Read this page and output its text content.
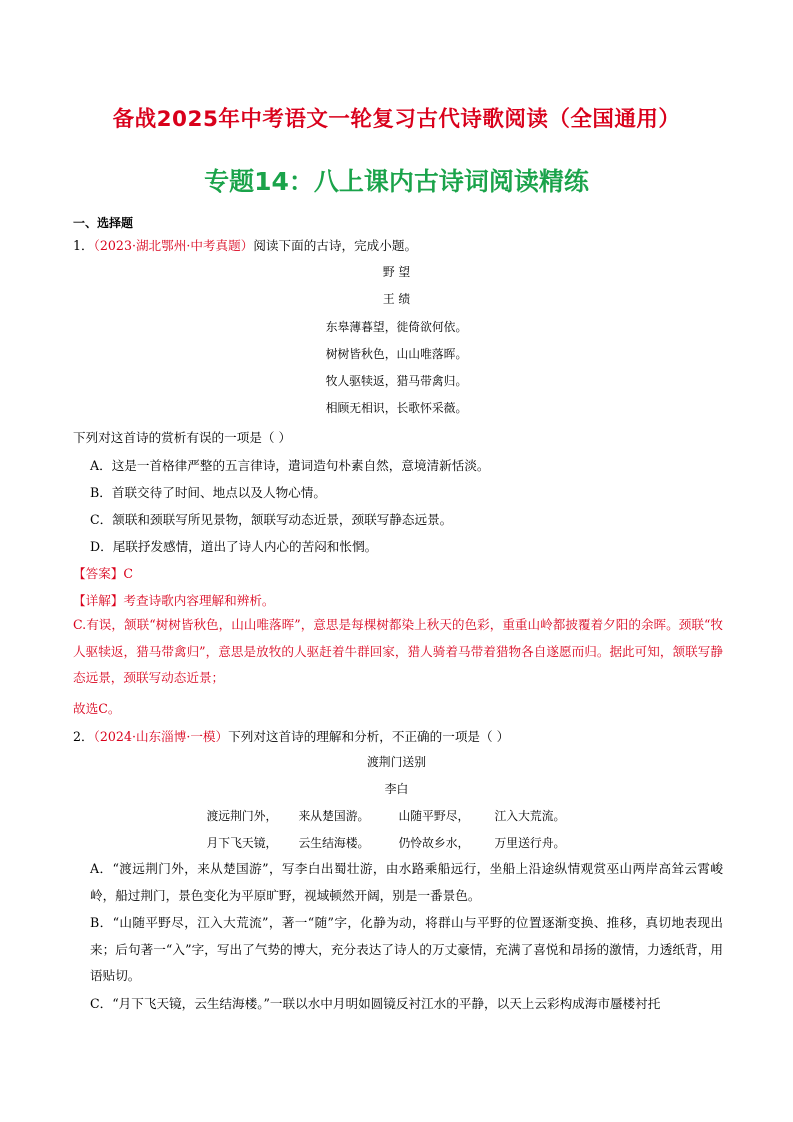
备战2025年中考语文一轮复习古代诗歌阅读（全国通用）
专题14：八上课内古诗词阅读精练
一、选择题
1．（2023·湖北鄂州·中考真题）阅读下面的古诗，完成小题。
野 望
王 绩
东皋薄暮望，徙倚欲何依。
树树皆秋色，山山唯落晖。
牧人驱犊返，猎马带禽归。
相顾无相识，长歌怀采薇。
下列对这首诗的赏析有误的一项是（ ）
A．这是一首格律严整的五言律诗，遣词造句朴素自然，意境清新恬淡。
B．首联交待了时间、地点以及人物心情。
C．颔联和颈联写所见景物，颔联写动态近景，颈联写静态远景。
D．尾联抒发感情，道出了诗人内心的苦闷和怅惘。
【答案】C
【详解】考查诗歌内容理解和辨析。
C.有误，颔联“树树皆秋色，山山唯落晖”，意思是每棵树都染上秋天的色彩，重重山岭都披覆着夕阳的余晖。颈联“牧人驱犊返，猎马带禽归”，意思是放牧的人驱赶着牛群回家，猎人骑着马带着猎物各自遂愿而归。据此可知，颔联写静态远景，颈联写动态近景；
故选C。
2．（2024·山东淄博·一模）下列对这首诗的理解和分析，不正确的一项是（ ）
渡荆门送别
李白
渡远荆门外， 来从楚国游。 山随平野尽， 江入大荒流。
月下飞天镜， 云生结海楼。 仍怜故乡水， 万里送行舟。
A．“渡远荆门外，来从楚国游”，写李白出蜀壮游，由水路乘船远行，坐船上沿途纵情观赏巫山两岸高耸云霄峻岭，船过荆门，景色变化为平原旷野，视域顿然开阔，别是一番景色。
B．“山随平野尽，江入大荒流”，著一“随”字，化静为动，将群山与平野的位置逐渐变换、推移，真切地表现出来；后句著一“入”字，写出了气势的博大，充分表达了诗人的万丈豪情，充满了喜悦和昂扬的激情，力透纸背，用语贴切。
C．“月下飞天镜，云生结海楼。”一联以水中月明如圆镜反衬江水的平静，以天上云彩构成海市蜃楼衬托
